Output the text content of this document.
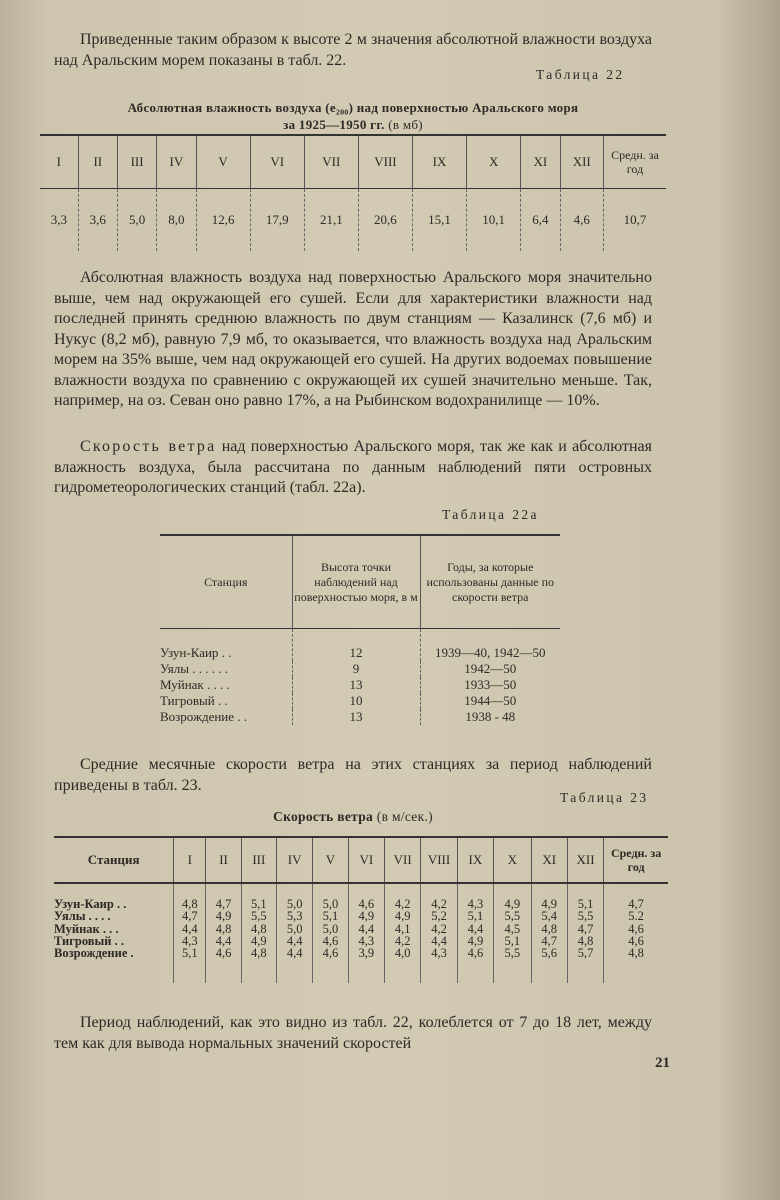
Приведенные таким образом к высоте 2 м значения абсолютной влажности воздуха над Аральским морем показаны в табл. 22.

Таблица 22
Абсолютная влажность воздуха (e₂₀₀) над поверхностью Аральского моря
за 1925—1950 гг. (в мб)
I	II	III	IV	V	VI	VII	VIII	IX	X	XI	XII	Средн. за год
3,3	3,6	5,0	8,0	12,6	17,9	21,1	20,6	15,1	10,1	6,4	4,6	10,7

Абсолютная влажность воздуха над поверхностью Аральского моря значительно выше, чем над окружающей его сушей. Если для характеристики влажности над последней принять среднюю влажность по двум станциям — Казалинск (7,6 мб) и Нукус (8,2 мб), равную 7,9 мб, то оказывается, что влажность воздуха над Аральским морем на 35% выше, чем над окружающей его сушей. На других водоемах повышение влажности воздуха по сравнению с окружающей их сушей значительно меньше. Так, например, на оз. Севан оно равно 17%, а на Рыбинском водохранилище — 10%.

Скорость ветра над поверхностью Аральского моря, так же как и абсолютная влажность воздуха, была рассчитана по данным наблюдений пяти островных гидрометеорологических станций (табл. 22а).

Таблица 22а
Станция	Высота точки наблюдений над поверхностью моря, в м	Годы, за которые использованы данные по скорости ветра
Узун-Каир . .	12	1939—40, 1942—50
Уялы . . . . . .	9	1942—50
Муйнак . . . .	13	1933—50
Тигровый . .	10	1944—50
Возрождение . .	13	1938 - 48

Средние месячные скорости ветра на этих станциях за период наблюдений приведены в табл. 23.

Таблица 23
Скорость ветра (в м/сек.)
Станция	I	II	III	IV	V	VI	VII	VIII	IX	X	XI	XII	Средн. за год
Узун-Каир . .	4,8	4,7	5,1	5,0	5,0	4,6	4,2	4,2	4,3	4,9	4,9	5,1	4,7
Уялы . . . .	4,7	4,9	5,5	5,3	5,1	4,9	4,9	5,2	5,1	5,5	5,4	5,5	5.2
Муйнак . . .	4,4	4,8	4,8	5,0	5,0	4,4	4,1	4,2	4,4	4,5	4,8	4,7	4,6
Тигровый . .	4,3	4,4	4,9	4,4	4,6	4,3	4,2	4,4	4,9	5,1	4,7	4,8	4,6
Возрождение .	5,1	4,6	4,8	4,4	4,6	3,9	4,0	4,3	4,6	5,5	5,6	5,7	4,8

Период наблюдений, как это видно из табл. 22, колеблется от 7 до 18 лет, между тем как для вывода нормальных значений скоростей

21
